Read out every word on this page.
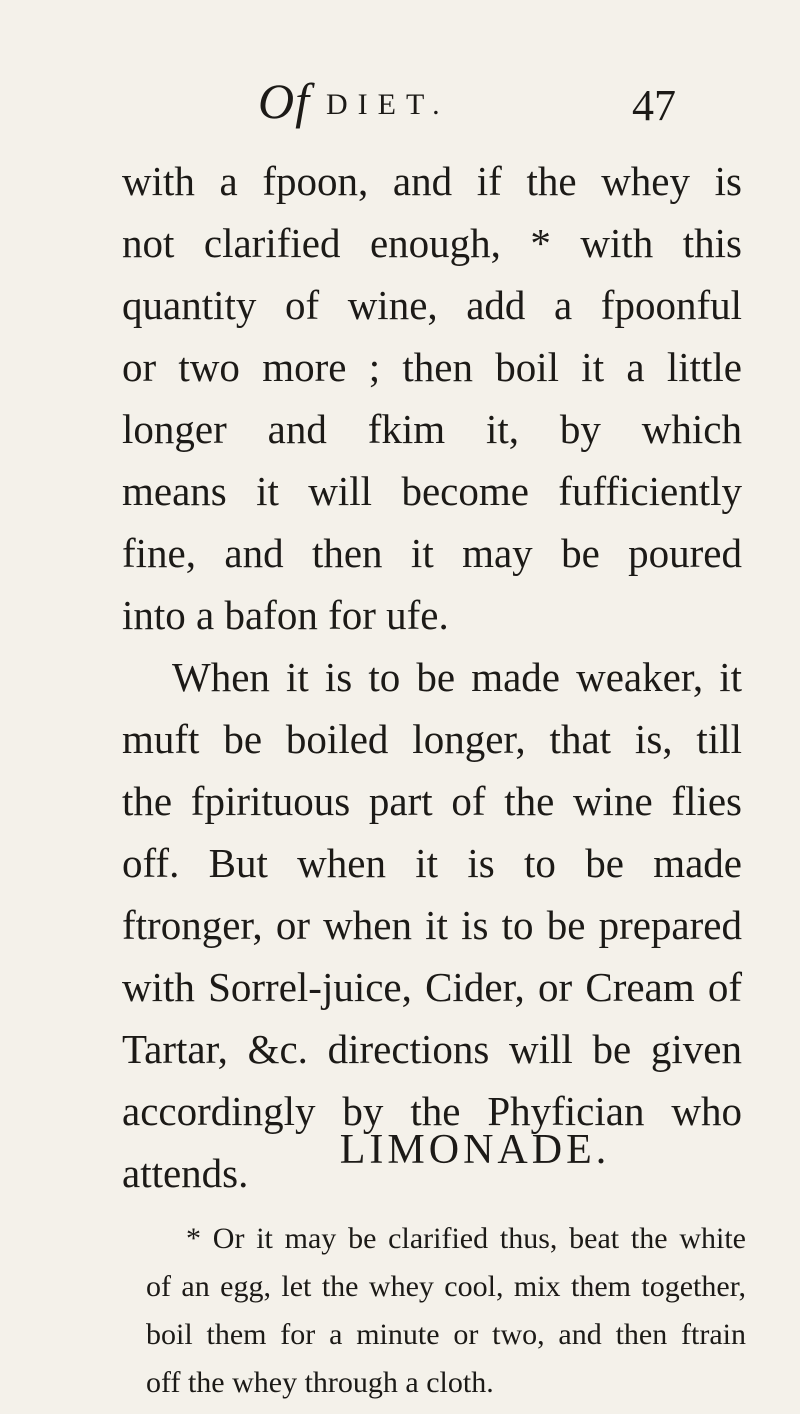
Of DIET.	47
with a fpoon, and if the whey is
not clarified enough, * with this
quantity of wine, add a fpoonful
or two more ; then boil it a little
longer and fkim it, by which
means it will become fufficiently
fine, and then it may be poured
into a bafon for ufe.
When it is to be made weaker, it
muft be boiled longer, that is, till
the fpirituous part of the wine flies
off. But when it is to be made
ftronger, or when it is to be prepared
with Sorrel-juice, Cider, or Cream of
Tartar, &c. directions will be given
accordingly by the Phyfician who
attends.	LIMONADE.
* Or it may be clarified thus, beat the white
of an egg, let the whey cool, mix them together,
boil them for a minute or two, and then ftrain
off the whey through a cloth.
